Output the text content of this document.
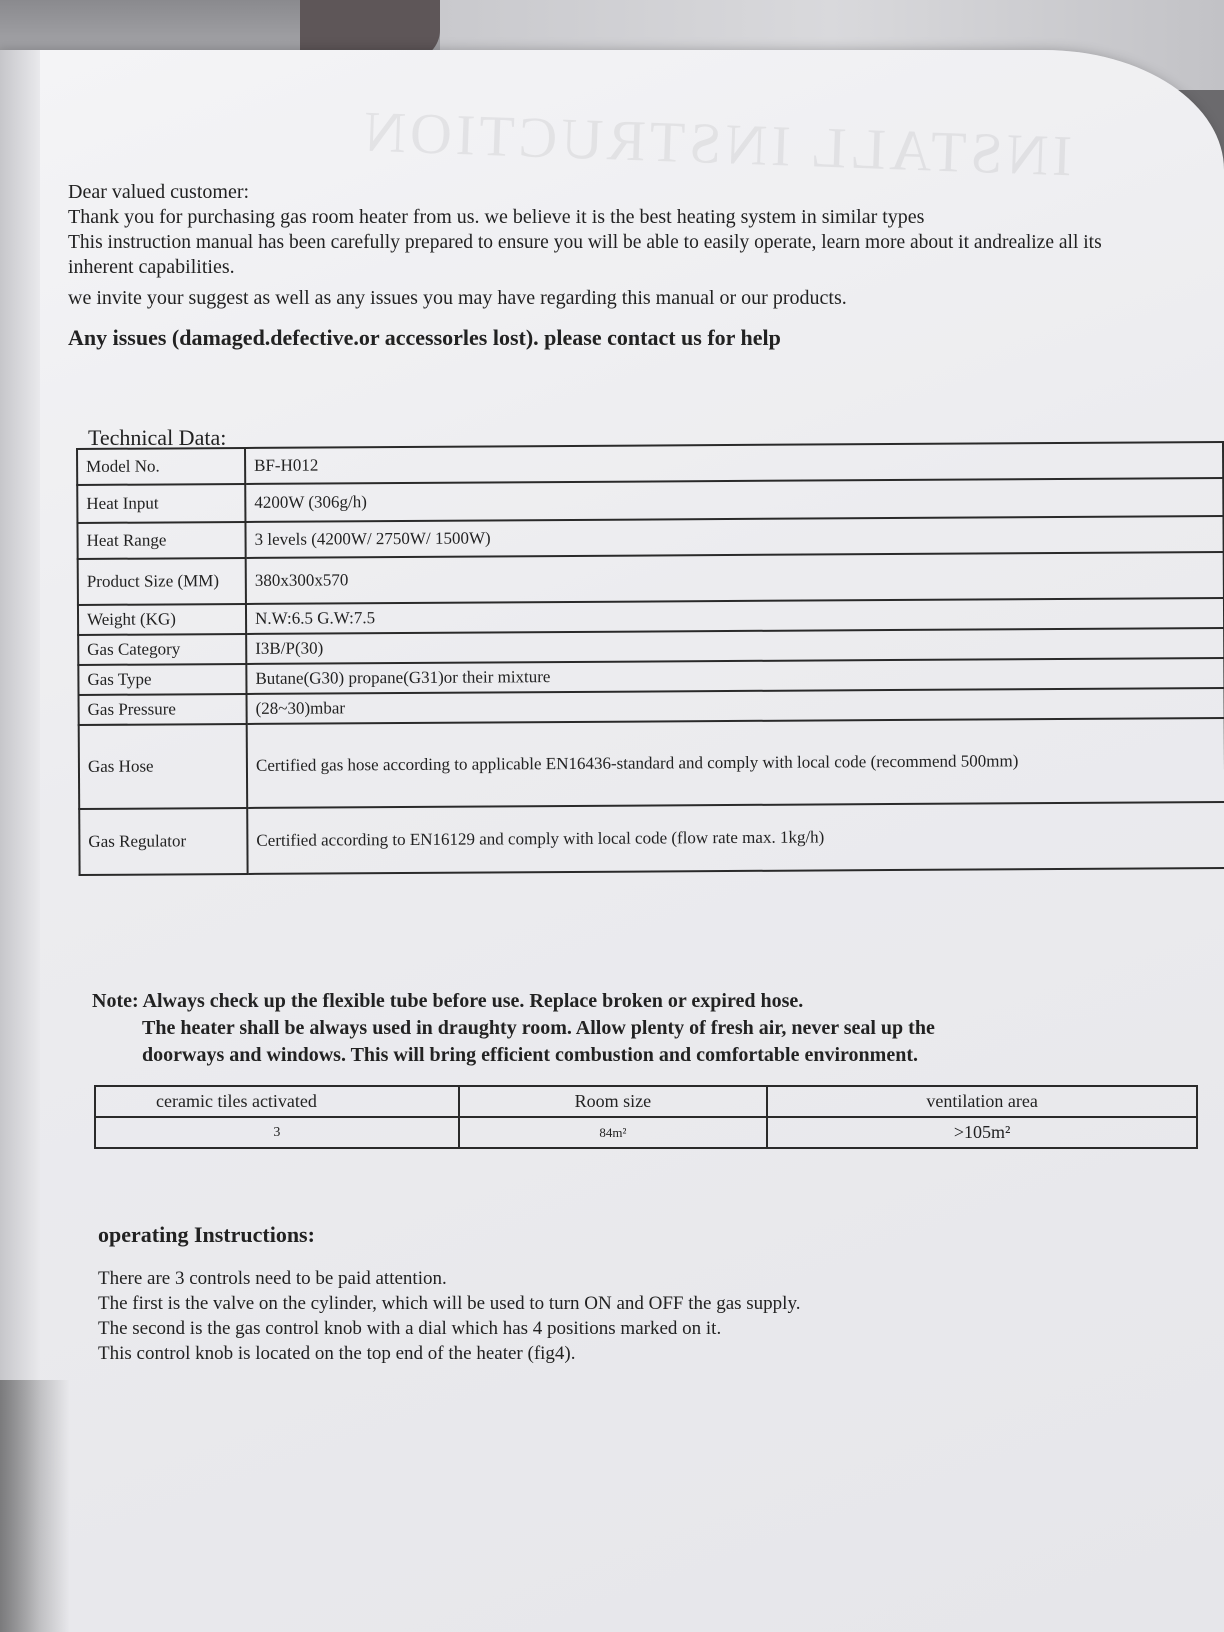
INSTALL INSTRUCTION

Dear valued customer:

Thank you for purchasing gas room heater from us. we believe it is the best heating system in similar types

This instruction manual has been carefully prepared to ensure you will be able to easily operate, learn more about it andrealize all its

inherent capabilities.

we invite your suggest as well as any issues you may have regarding this manual or our products.

Any issues (damaged.defective.or accessorles lost). please contact us for help

Technical Data:
Model No.	BF-H012
Heat Input	4200W (306g/h)
Heat Range	3 levels (4200W/ 2750W/ 1500W)
Product Size (MM)	380x300x570
Weight (KG)	N.W:6.5 G.W:7.5
Gas Category	I3B/P(30)
Gas Type	Butane(G30) propane(G31)or their mixture
Gas Pressure	(28~30)mbar
Gas Hose	Certified gas hose according to applicable EN16436-standard and comply with local code (recommend 500mm)
Gas Regulator	Certified according to EN16129 and comply with local code (flow rate max. 1kg/h)
Note: Always check up the flexible tube before use. Replace broken or expired hose.
The heater shall be always used in draughty room. Allow plenty of fresh air, never seal up the
doorways and windows. This will bring efficient combustion and comfortable environment.
ceramic tiles activated	Room size	ventilation area
3	84m²	>105m²
operating Instructions:

There are 3 controls need to be paid attention.

The first is the valve on the cylinder, which will be used to turn ON and OFF the gas supply.

The second is the gas control knob with a dial which has 4 positions marked on it.

This control knob is located on the top end of the heater (fig4).
